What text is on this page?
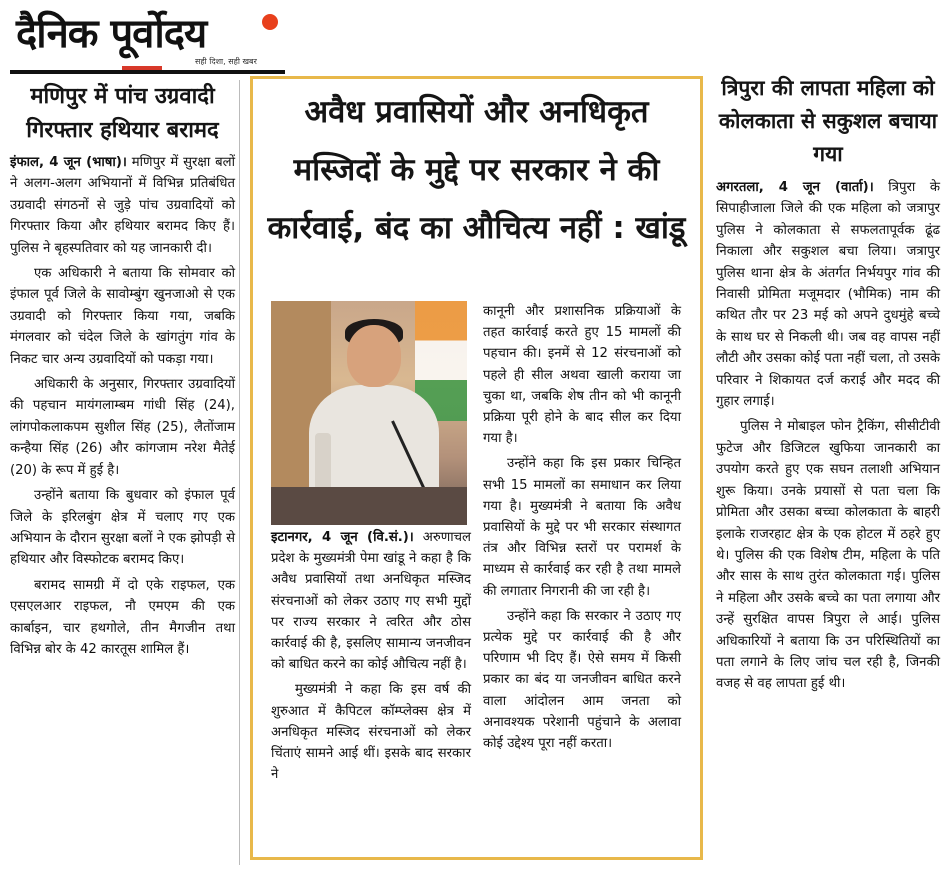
दैनिक पूर्वोदय
सही दिशा, सही खबर
मणिपुर में पांच उग्रवादी गिरफ्तार हथियार बरामद

इंफाल, 4 जून (भाषा)। मणिपुर में सुरक्षा बलों ने अलग-अलग अभियानों में विभिन्न प्रतिबंधित उग्रवादी संगठनों से जुड़े पांच उग्रवादियों को गिरफ्तार किया और हथियार बरामद किए हैं। पुलिस ने बृहस्पतिवार को यह जानकारी दी।

एक अधिकारी ने बताया कि सोमवार को इंफाल पूर्व जिले के सावोम्बुंग खुनजाओ से एक उग्रवादी को गिरफ्तार किया गया, जबकि मंगलवार को चंदेल जिले के खांगतुंग गांव के निकट चार अन्य उग्रवादियों को पकड़ा गया।

अधिकारी के अनुसार, गिरफ्तार उग्रवादियों की पहचान मायंगलाम्बम गांधी सिंह (24), लांगपोकलाकपम सुशील सिंह (25), लैतोंजाम कन्हैया सिंह (26) और कांगजाम नरेश मैतेई (20) के रूप में हुई है।

उन्होंने बताया कि बुधवार को इंफाल पूर्व जिले के इरिलबुंग क्षेत्र में चलाए गए एक अभियान के दौरान सुरक्षा बलों ने एक झोपड़ी से हथियार और विस्फोटक बरामद किए।

बरामद सामग्री में दो एके राइफल, एक एसएलआर राइफल, नौ एमएम की एक कार्बाइन, चार हथगोले, तीन मैगजीन तथा विभिन्न बोर के 42 कारतूस शामिल हैं।

अवैध प्रवासियों और अनधिकृत मस्जिदों के मुद्दे पर सरकार ने की कार्रवाई, बंद का औचित्य नहीं : खांडू

इटानगर, 4 जून (वि.सं.)। अरुणाचल प्रदेश के मुख्यमंत्री पेमा खांडू ने कहा है कि अवैध प्रवासियों तथा अनधिकृत मस्जिद संरचनाओं को लेकर उठाए गए सभी मुद्दों पर राज्य सरकार ने त्वरित और ठोस कार्रवाई की है, इसलिए सामान्य जनजीवन को बाधित करने का कोई औचित्य नहीं है।

मुख्यमंत्री ने कहा कि इस वर्ष की शुरुआत में कैपिटल कॉम्प्लेक्स क्षेत्र में अनधिकृत मस्जिद संरचनाओं को लेकर चिंताएं सामने आई थीं। इसके बाद सरकार ने

कानूनी और प्रशासनिक प्रक्रियाओं के तहत कार्रवाई करते हुए 15 मामलों की पहचान की। इनमें से 12 संरचनाओं को पहले ही सील अथवा खाली कराया जा चुका था, जबकि शेष तीन को भी कानूनी प्रक्रिया पूरी होने के बाद सील कर दिया गया है।

उन्होंने कहा कि इस प्रकार चिन्हित सभी 15 मामलों का समाधान कर लिया गया है। मुख्यमंत्री ने बताया कि अवैध प्रवासियों के मुद्दे पर भी सरकार संस्थागत तंत्र और विभिन्न स्तरों पर परामर्श के माध्यम से कार्रवाई कर रही है तथा मामले की लगातार निगरानी की जा रही है।

उन्होंने कहा कि सरकार ने उठाए गए प्रत्येक मुद्दे पर कार्रवाई की है और परिणाम भी दिए हैं। ऐसे समय में किसी प्रकार का बंद या जनजीवन बाधित करने वाला आंदोलन आम जनता को अनावश्यक परेशानी पहुंचाने के अलावा कोई उद्देश्य पूरा नहीं करता।

त्रिपुरा की लापता महिला को कोलकाता से सकुशल बचाया गया

अगरतला, 4 जून (वार्ता)। त्रिपुरा के सिपाहीजाला जिले की एक महिला को जत्रापुर पुलिस ने कोलकाता से सफलतापूर्वक ढूंढ निकाला और सकुशल बचा लिया। जत्रापुर पुलिस थाना क्षेत्र के अंतर्गत निर्भयपुर गांव की निवासी प्रोमिता मजूमदार (भौमिक) नाम की कथित तौर पर 23 मई को अपने दुधमुंहे बच्चे के साथ घर से निकली थी। जब वह वापस नहीं लौटी और उसका कोई पता नहीं चला, तो उसके परिवार ने शिकायत दर्ज कराई और मदद की गुहार लगाई।

पुलिस ने मोबाइल फोन ट्रैकिंग, सीसीटीवी फुटेज और डिजिटल खुफिया जानकारी का उपयोग करते हुए एक सघन तलाशी अभियान शुरू किया। उनके प्रयासों से पता चला कि प्रोमिता और उसका बच्चा कोलकाता के बाहरी इलाके राजरहाट क्षेत्र के एक होटल में ठहरे हुए थे। पुलिस की एक विशेष टीम, महिला के पति और सास के साथ तुरंत कोलकाता गई। पुलिस ने महिला और उसके बच्चे का पता लगाया और उन्हें सुरक्षित वापस त्रिपुरा ले आई। पुलिस अधिकारियों ने बताया कि उन परिस्थितियों का पता लगाने के लिए जांच चल रही है, जिनकी वजह से वह लापता हुई थी।
